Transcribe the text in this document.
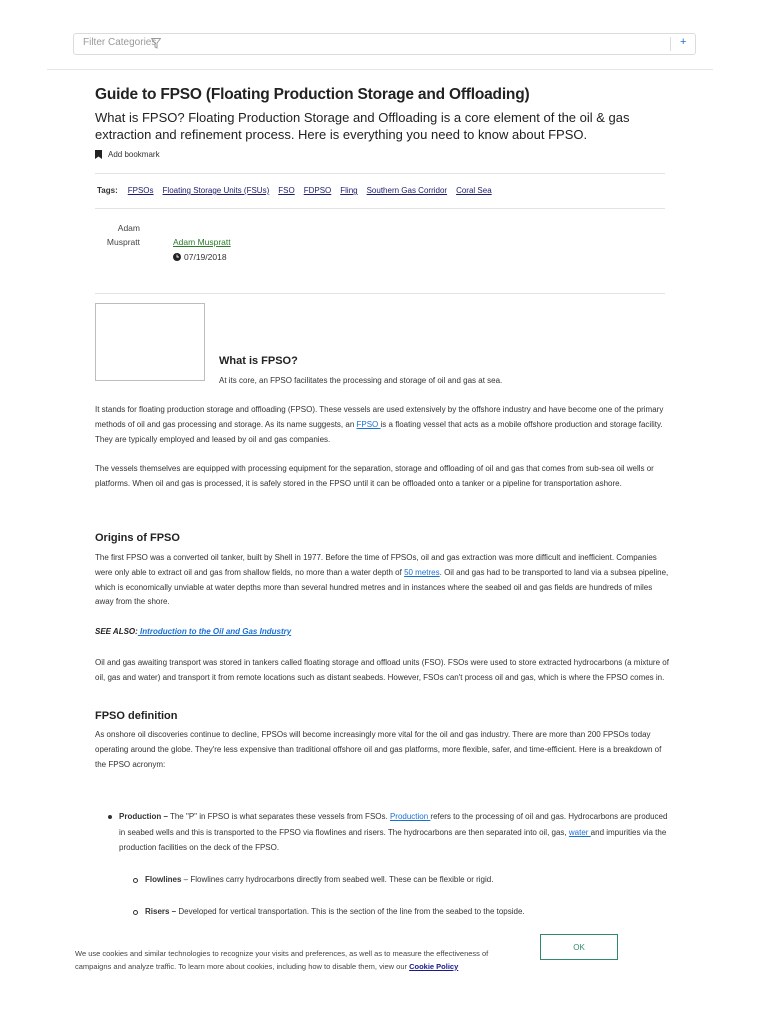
Filter Categories	+
Guide to FPSO (Floating Production Storage and Offloading)
What is FPSO? Floating Production Storage and Offloading is a core element of the oil & gas extraction and refinement process. Here is everything you need to know about FPSO.
Add bookmark
Tags: FPSOs Floating Storage Units (FSUs) FSO FDPSO Fling Southern Gas Corridor Coral Sea
Adam
Muspratt	Adam Muspratt
07/19/2018
What is FPSO?
At its core, an FPSO facilitates the processing and storage of oil and gas at sea.
It stands for floating production storage and offloading (FPSO). These vessels are used extensively by the offshore industry and have become one of the primary methods of oil and gas processing and storage. As its name suggests, an FPSO is a floating vessel that acts as a mobile offshore production and storage facility. They are typically employed and leased by oil and gas companies.
The vessels themselves are equipped with processing equipment for the separation, storage and offloading of oil and gas that comes from sub-sea oil wells or platforms. When oil and gas is processed, it is safely stored in the FPSO until it can be offloaded onto a tanker or a pipeline for transportation ashore.
Origins of FPSO
The first FPSO was a converted oil tanker, built by Shell in 1977. Before the time of FPSOs, oil and gas extraction was more difficult and inefficient. Companies were only able to extract oil and gas from shallow fields, no more than a water depth of 50 metres. Oil and gas had to be transported to land via a subsea pipeline, which is economically unviable at water depths more than several hundred metres and in instances where the seabed oil and gas fields are hundreds of miles away from the shore.
SEE ALSO: Introduction to the Oil and Gas Industry
Oil and gas awaiting transport was stored in tankers called floating storage and offload units (FSO). FSOs were used to store extracted hydrocarbons (a mixture of oil, gas and water) and transport it from remote locations such as distant seabeds. However, FSOs can't process oil and gas, which is where the FPSO comes in.
FPSO definition
As onshore oil discoveries continue to decline, FPSOs will become increasingly more vital for the oil and gas industry. There are more than 200 FPSOs today operating around the globe. They're less expensive than traditional offshore oil and gas platforms, more flexible, safer, and time-efficient. Here is a breakdown of the FPSO acronym:
Production – The "P" in FPSO is what separates these vessels from FSOs. Production refers to the processing of oil and gas. Hydrocarbons are produced in seabed wells and this is transported to the FPSO via flowlines and risers. The hydrocarbons are then separated into oil, gas, water and impurities via the production facilities on the deck of the FPSO.
Flowlines – Flowlines carry hydrocarbons directly from seabed well. These can be flexible or rigid.
Risers – Developed for vertical transportation. This is the section of the line from the seabed to the topside.
We use cookies and similar technologies to recognize your visits and preferences, as well as to measure the effectiveness of campaigns and analyze traffic. To learn more about cookies, including how to disable them, view our Cookie Policy
OK
